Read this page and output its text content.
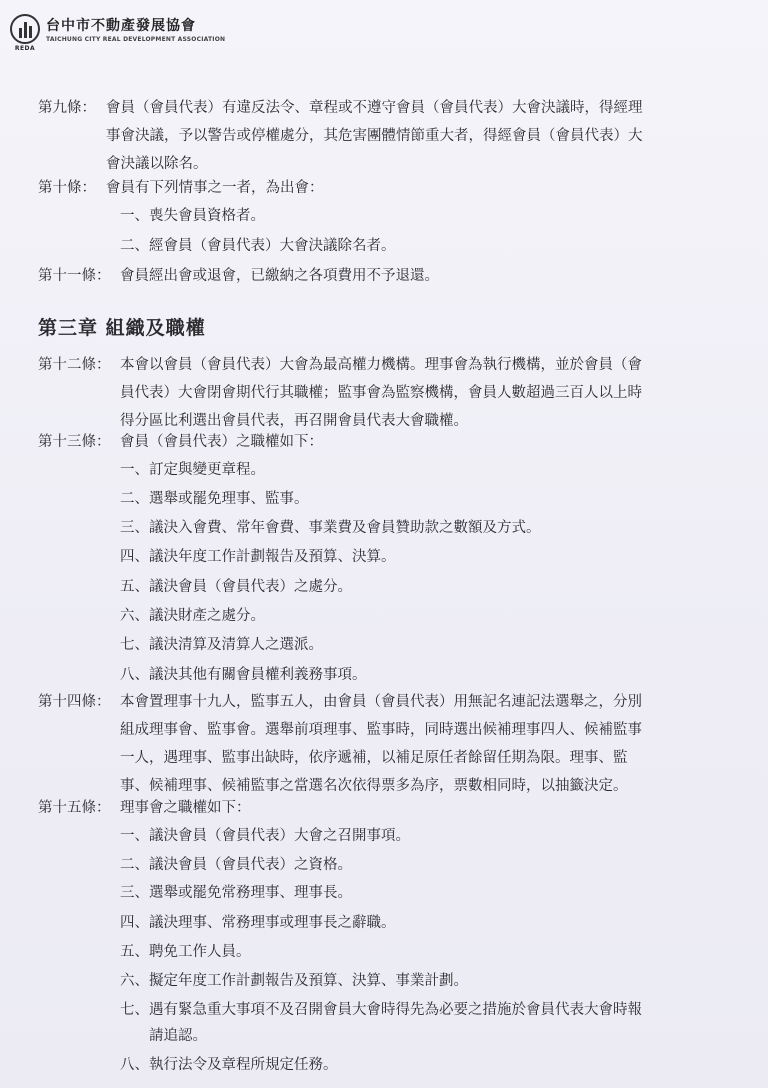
REDA
台中市不動產發展協會
TAICHUNG CITY REAL DEVELOPMENT ASSOCIATION
第九條： 會員（會員代表）有違反法令、章程或不遵守會員（會員代表）大會決議時，得經理
事會決議，予以警告或停權處分，其危害團體情節重大者，得經會員（會員代表）大
會決議以除名。
第十條： 會員有下列情事之一者，為出會：
一、喪失會員資格者。
二、經會員（會員代表）大會決議除名者。
第十一條： 會員經出會或退會，已繳納之各項費用不予退還。
第三章 組織及職權
第十二條： 本會以會員（會員代表）大會為最高權力機構。理事會為執行機構，並於會員（會
員代表）大會閉會期代行其職權；監事會為監察機構，會員人數超過三百人以上時
得分區比利選出會員代表，再召開會員代表大會職權。
第十三條： 會員（會員代表）之職權如下：
一、訂定與變更章程。
二、選舉或罷免理事、監事。
三、議決入會費、常年會費、事業費及會員贊助款之數額及方式。
四、議決年度工作計劃報告及預算、決算。
五、議決會員（會員代表）之處分。
六、議決財產之處分。
七、議決清算及清算人之選派。
八、議決其他有關會員權利義務事項。
第十四條： 本會置理事十九人，監事五人，由會員（會員代表）用無記名連記法選舉之，分別
組成理事會、監事會。選舉前項理事、監事時，同時選出候補理事四人、候補監事
一人，遇理事、監事出缺時，依序遞補，以補足原任者餘留任期為限。理事、監
事、候補理事、候補監事之當選名次依得票多為序，票數相同時，以抽籤決定。
第十五條： 理事會之職權如下：
一、議決會員（會員代表）大會之召開事項。
二、議決會員（會員代表）之資格。
三、選舉或罷免常務理事、理事長。
四、議決理事、常務理事或理事長之辭職。
五、聘免工作人員。
六、擬定年度工作計劃報告及預算、決算、事業計劃。
七、遇有緊急重大事項不及召開會員大會時得先為必要之措施於會員代表大會時報
　　請追認。
八、執行法令及章程所規定任務。
